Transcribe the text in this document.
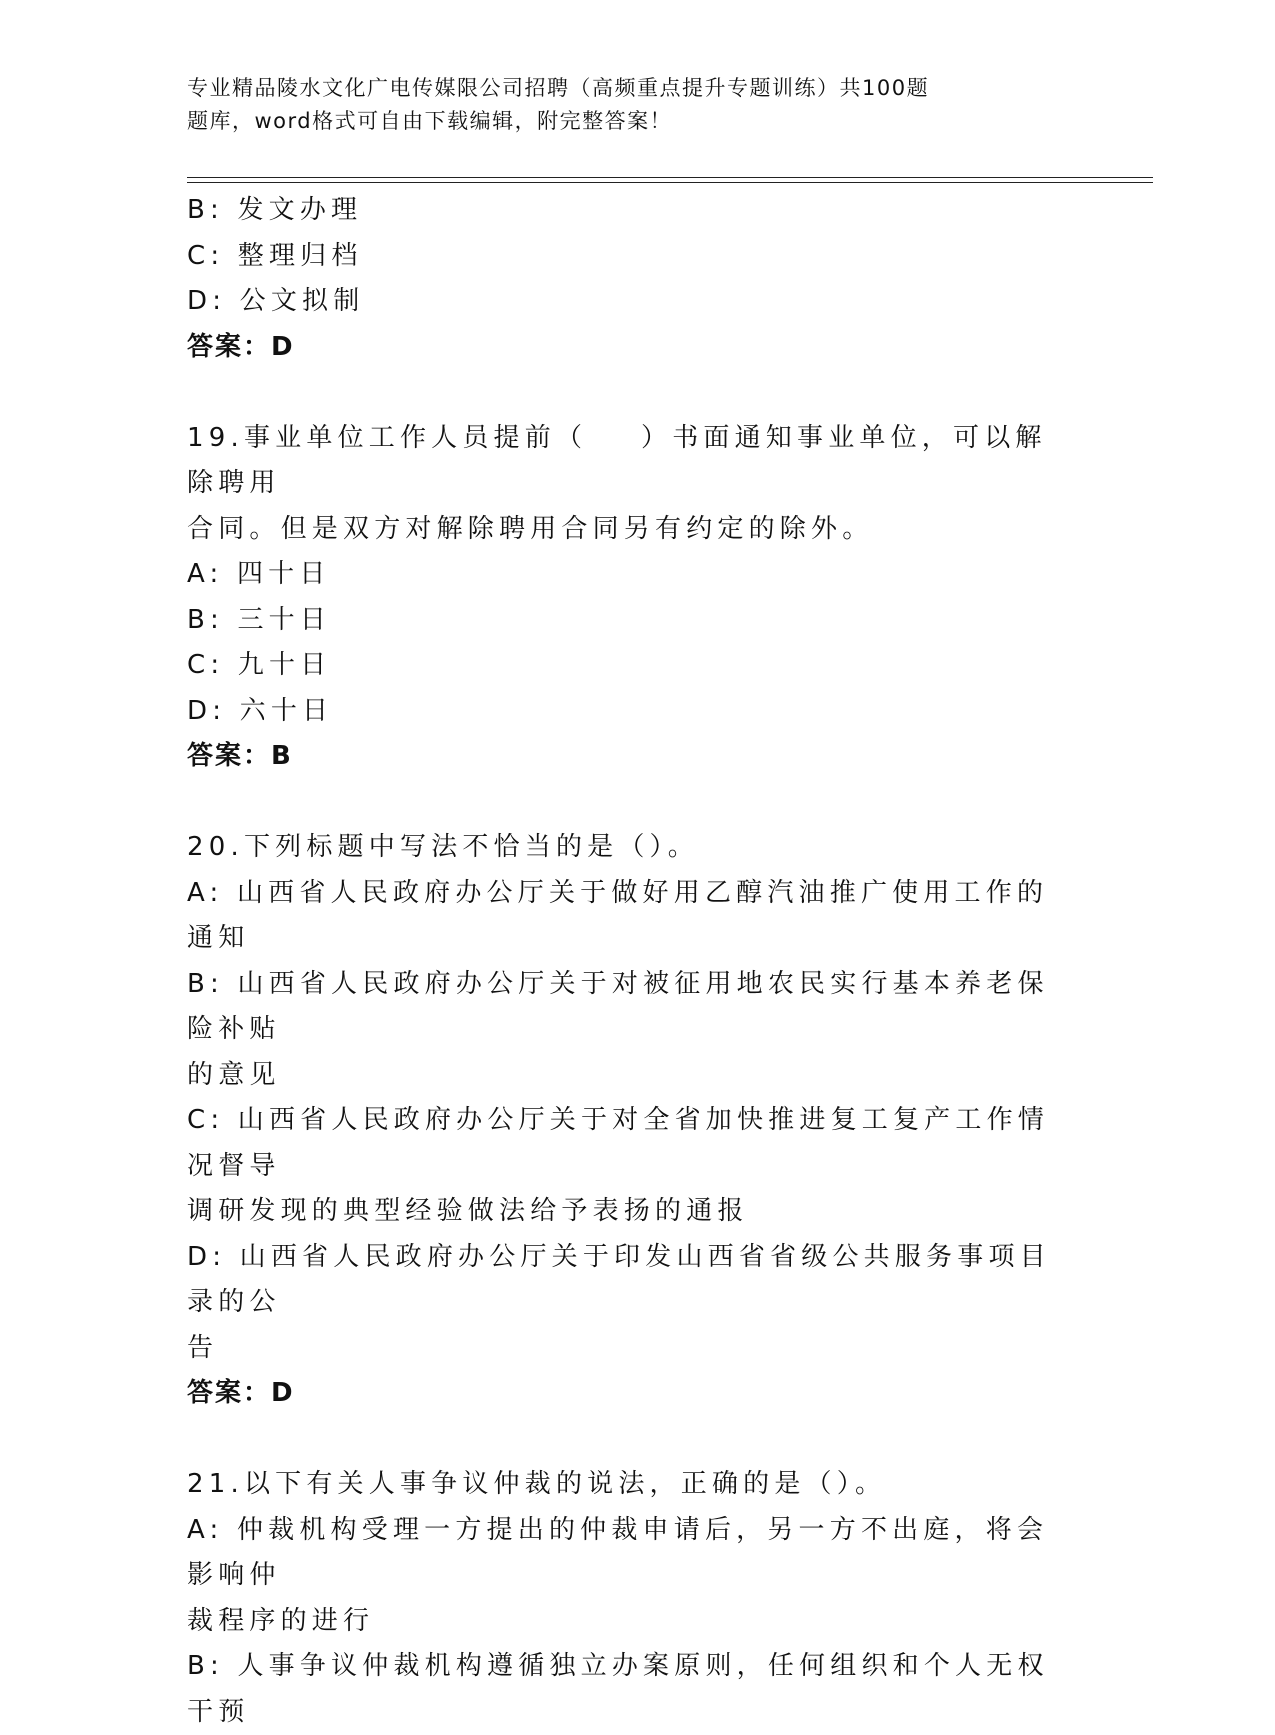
专业精品陵水文化广电传媒限公司招聘（高频重点提升专题训练）共100题
题库，word格式可自由下载编辑，附完整答案！
B: 发文办理
C: 整理归档
D: 公文拟制
答案：D
19.事业单位工作人员提前（    ）书面通知事业单位，可以解除聘用
合同。但是双方对解除聘用合同另有约定的除外。
A: 四十日
B: 三十日
C: 九十日
D: 六十日
答案：B
20.下列标题中写法不恰当的是（）。
A: 山西省人民政府办公厅关于做好用乙醇汽油推广使用工作的通知
B: 山西省人民政府办公厅关于对被征用地农民实行基本养老保险补贴
的意见
C: 山西省人民政府办公厅关于对全省加快推进复工复产工作情况督导
调研发现的典型经验做法给予表扬的通报
D: 山西省人民政府办公厅关于印发山西省省级公共服务事项目录的公
告
答案：D
21.以下有关人事争议仲裁的说法，正确的是（）。
A: 仲裁机构受理一方提出的仲裁申请后，另一方不出庭，将会影响仲
裁程序的进行
B: 人事争议仲裁机构遵循独立办案原则，任何组织和个人无权干预
